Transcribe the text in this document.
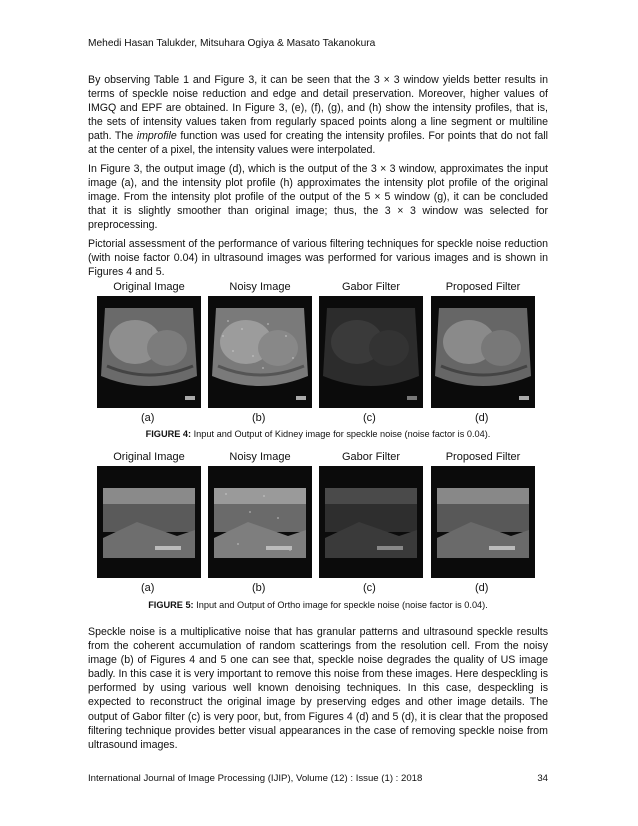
Mehedi Hasan Talukder, Mitsuhara Ogiya & Masato Takanokura

By observing Table 1 and Figure 3, it can be seen that the 3 × 3 window yields better results in terms of speckle noise reduction and edge and detail preservation. Moreover, higher values of IMGQ and EPF are obtained. In Figure 3, (e), (f), (g), and (h) show the intensity profiles, that is, the sets of intensity values taken from regularly spaced points along a line segment or multiline path. The improfile function was used for creating the intensity profiles. For points that do not fall at the center of a pixel, the intensity values were interpolated.

In Figure 3, the output image (d), which is the output of the 3 × 3 window, approximates the input image (a), and the intensity plot profile (h) approximates the intensity plot profile of the original image. From the intensity plot profile of the output of the 5 × 5 window (g), it can be concluded that it is slightly smoother than original image; thus, the 3 × 3 window was selected for preprocessing.

Pictorial assessment of the performance of various filtering techniques for speckle noise reduction (with noise factor 0.04) in ultrasound images was performed for various images and is shown in Figures 4 and 5.

Original Image
(a)
Noisy Image
(b)
Gabor Filter
(c)
Proposed Filter
(d)
FIGURE 4: Input and Output of Kidney image for speckle noise (noise factor is 0.04).
Original Image
(a)
Noisy Image
(b)
Gabor Filter
(c)
Proposed Filter
(d)
FIGURE 5: Input and Output of Ortho image for speckle noise (noise factor is 0.04).

Speckle noise is a multiplicative noise that has granular patterns and ultrasound speckle results from the coherent accumulation of random scatterings from the resolution cell. From the noisy image (b) of Figures 4 and 5 one can see that, speckle noise degrades the quality of US image badly. In this case it is very important to remove this noise from these images. Here despeckling is performed by using various well known denoising techniques. In this case, despeckling is expected to reconstruct the original image by preserving edges and other image details. The output of Gabor filter (c) is very poor, but, from Figures 4 (d) and 5 (d), it is clear that the proposed filtering technique provides better visual appearances in the case of removing speckle noise from ultrasound images.

International Journal of Image Processing (IJIP), Volume (12) : Issue (1) : 2018	34
